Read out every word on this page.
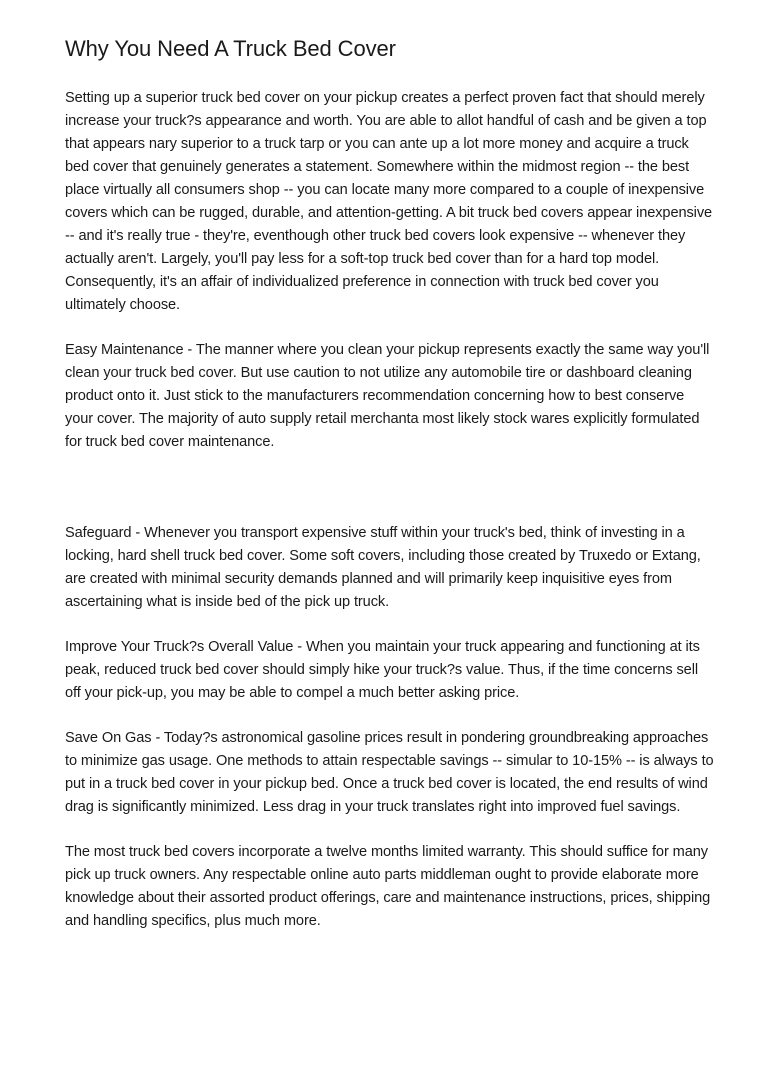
Why You Need A Truck Bed Cover

Setting up a superior truck bed cover on your pickup creates a perfect proven fact that should merely increase your truck?s appearance and worth. You are able to allot handful of cash and be given a top that appears nary superior to a truck tarp or you can ante up a lot more money and acquire a truck bed cover that genuinely generates a statement. Somewhere within the midmost region -- the best place virtually all consumers shop -- you can locate many more compared to a couple of inexpensive covers which can be rugged, durable, and attention-getting. A bit truck bed covers appear inexpensive -- and it's really true - they're, eventhough other truck bed covers look expensive -- whenever they actually aren't. Largely, you'll pay less for a soft-top truck bed cover than for a hard top model. Consequently, it's an affair of individualized preference in connection with truck bed cover you ultimately choose.

Easy Maintenance - The manner where you clean your pickup represents exactly the same way you'll clean your truck bed cover. But use caution to not utilize any automobile tire or dashboard cleaning product onto it. Just stick to the manufacturers recommendation concerning how to best conserve your cover. The majority of auto supply retail merchanta most likely stock wares explicitly formulated for truck bed cover maintenance.

Safeguard - Whenever you transport expensive stuff within your truck's bed, think of investing in a locking, hard shell truck bed cover. Some soft covers, including those created by Truxedo or Extang, are created with minimal security demands planned and will primarily keep inquisitive eyes from ascertaining what is inside bed of the pick up truck.

Improve Your Truck?s Overall Value - When you maintain your truck appearing and functioning at its peak, reduced truck bed cover should simply hike your truck?s value. Thus, if the time concerns sell off your pick-up, you may be able to compel a much better asking price.

Save On Gas - Today?s astronomical gasoline prices result in pondering groundbreaking approaches to minimize gas usage. One methods to attain respectable savings -- simular to 10-15% -- is always to put in a truck bed cover in your pickup bed. Once a truck bed cover is located, the end results of wind drag is significantly minimized. Less drag in your truck translates right into improved fuel savings.

The most truck bed covers incorporate a twelve months limited warranty. This should suffice for many pick up truck owners. Any respectable online auto parts middleman ought to provide elaborate more knowledge about their assorted product offerings, care and maintenance instructions, prices, shipping and handling specifics, plus much more.
